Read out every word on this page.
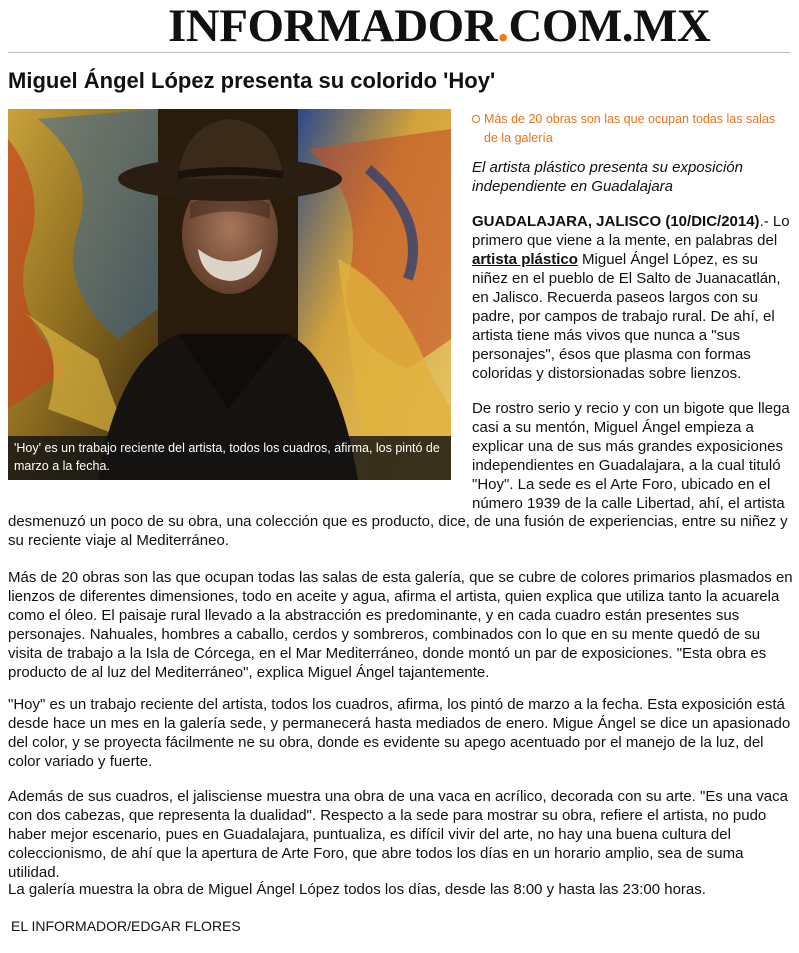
INFORMADOR.COM.MX
Miguel Ángel López presenta su colorido 'Hoy'
'Hoy' es un trabajo reciente del artista, todos los cuadros, afirma, los pintó de marzo a la fecha.
Más de 20 obras son las que ocupan todas las salas de la galería
El artista plástico presenta su exposición independiente en Guadalajara
GUADALAJARA, JALISCO (10/DIC/2014).- Lo primero que viene a la mente, en palabras del artista plástico Miguel Ángel López, es su niñez en el pueblo de El Salto de Juanacatlán, en Jalisco. Recuerda paseos largos con su padre, por campos de trabajo rural. De ahí, el artista tiene más vivos que nunca a "sus personajes", ésos que plasma con formas coloridas y distorsionadas sobre lienzos.
De rostro serio y recio y con un bigote que llega casi a su mentón, Miguel Ángel empieza a explicar una de sus más grandes exposiciones independientes en Guadalajara, a la cual tituló "Hoy". La sede es el Arte Foro, ubicado en el número 1939 de la calle Libertad, ahí, el artista
desmenuzó un poco de su obra, una colección que es producto, dice, de una fusión de experiencias, entre su niñez y su reciente viaje al Mediterráneo.
Más de 20 obras son las que ocupan todas las salas de esta galería, que se cubre de colores primarios plasmados en lienzos de diferentes dimensiones, todo en aceite y agua, afirma el artista, quien explica que utiliza tanto la acuarela como el óleo. El paisaje rural llevado a la abstracción es predominante, y en cada cuadro están presentes sus personajes. Nahuales, hombres a caballo, cerdos y sombreros, combinados con lo que en su mente quedó de su visita de trabajo a la Isla de Córcega, en el Mar Mediterráneo, donde montó un par de exposiciones. "Esta obra es producto de al luz del Mediterráneo", explica Miguel Ángel tajantemente.
"Hoy" es un trabajo reciente del artista, todos los cuadros, afirma, los pintó de marzo a la fecha. Esta exposición está desde hace un mes en la galería sede, y permanecerá hasta mediados de enero. Migue Ángel se dice un apasionado del color, y se proyecta fácilmente ne su obra, donde es evidente su apego acentuado por el manejo de la luz, del color variado y fuerte.
Además de sus cuadros, el jalisciense muestra una obra de una vaca en acrílico, decorada con su arte. "Es una vaca con dos cabezas, que representa la dualidad". Respecto a la sede para mostrar su obra, refiere el artista, no pudo haber mejor escenario, pues en Guadalajara, puntualiza, es difícil vivir del arte, no hay una buena cultura del coleccionismo, de ahí que la apertura de Arte Foro, que abre todos los días en un horario amplio, sea de suma utilidad.
La galería muestra la obra de Miguel Ángel López todos los días, desde las 8:00 y hasta las 23:00 horas.
EL INFORMADOR/EDGAR FLORES
